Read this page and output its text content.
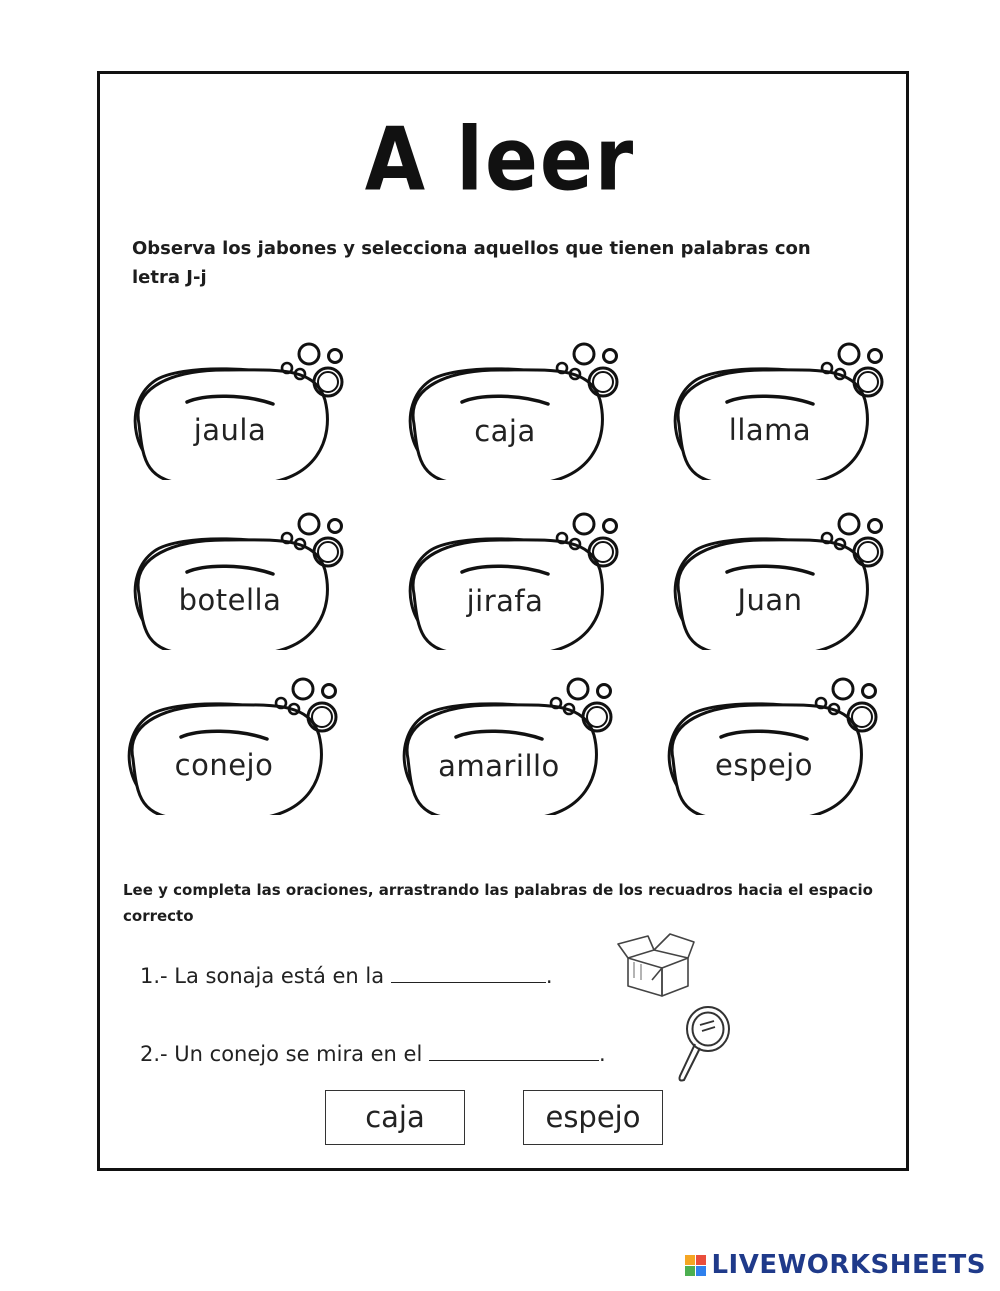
A leer
Observa los jabones y selecciona aquellos que tienen palabras con letra J-j
jaula	caja	llama
botella	jirafa	Juan
conejo	amarillo	espejo
Lee y completa las oraciones, arrastrando las palabras de los recuadros hacia el espacio correcto
1.- La sonaja está en la	.
2.- Un conejo se mira en el	.
caja	espejo
LIVEWORKSHEETS
